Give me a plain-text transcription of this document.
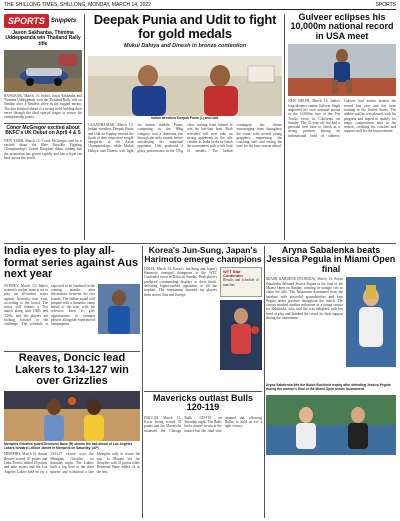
THE SHILLONG TIMES, SHILLONG, MONDAY, MARCH 14, 2022	SPORTS
SPORTS	Snippets
Jason Sakhanba, Thimma Uddeppanda win Thailand Rally title
BANGKOK, March 13: India's Jason Sakhanba and Thimma Uddeppanda won the Thailand Rally title on Sunday after a flawless drive in the rugged terrain. The duo finished ahead of a strong field, holding their nerve through the final special stages to secure the championship points.
Conor McGregor excited about BKFC's UK Debut on April 4 & 5
NEW YORK, March 13: Conor McGregor said he is excited about the Bare Knuckle Fighting Championship's United Kingdom debut, adding that the promotion has grown rapidly and has a loyal fan base across the world.
Deepak Punia and Udit to fight for gold medals
Mukul Dahiya and Dinesh in bronze contention
Indian wrestlers Deepak Punia (L) and Udit.
ULAANBAATAR, March 13: Indian wrestlers Deepak Punia and Udit on Sunday entered the finals of their respective weight categories at the Asian Championships, while Mukul Dahiya and Dinesh will fight for bronze medals. Punia, competing in the 86kg category, had a dominant run through the early rounds before outclassing his semifinal opponent. Udit produced a gritty performance in the 57kg class, coming from behind to win his last-four bout. Both wrestlers will now take on strong opponents in the title clashes as India looks to finish the tournament with a rich haul of medals. The Indian contingent has shown encouraging form throughout the event, with several young grapplers impressing the coaching staff and setting the tone for the busy season ahead.
Gulveer eclipses his 10,000m national record in USA meet
NEW DELHI, March 13: India's long-distance runner Gulveer Singh improved his own national record in the 10,000m race at the Ten Tracks event in California on Sunday. The 23-year-old clocked a personal best time to finish in a strong position among an international field of athletes. Gulveer had earlier broken the record last year and has been training in the United States. The athlete said he was pleased with his progress and hoped to qualify for major competitions later in the season, crediting his coaches and support staff for the improvement.
India eyes to play all-format series against Aus next year
SYDNEY, March 13: India's women's cricket team is set to play an all-format series against Australia next year, according to the board. The series will feature a Test match along with ODIs and T20Is, and the players are looking forward to the challenge. The schedule is expected to be finalised in the coming months after discussions between the two boards. The Indian squad will prepare with a domestic camp ahead of the tour, with the selectors keen to give opportunities to younger players alongside experienced campaigners.
Korea's Jun-Sung, Japan's Harimoto emerge champions
DOHA, March 13: Korea's Jun-Sung and Japan's Harimoto emerged champions at the WTT Contender event in Doha on Sunday. Both players produced commanding displays in their finals, defeating higher-ranked opponents to lift the trophies. The tournament featured top players from across Asia and Europe.
WTT Star Contender
Results and schedule of matches
Aryna Sabalenka beats Jessica Pegula in Miami Open final
MIAMI GARDENS (FLORIDA), March 13: Aryna Sabalenka defeated Jessica Pegula in the final of the Miami Open on Sunday, winning in straight sets to claim the title. The Belarusian dominated from the baseline with powerful groundstrokes and kept Pegula under pressure throughout the match. The victory marked another milestone in a strong season for Sabalenka, who said she was delighted with her level of play and thanked the crowd for their support during the tournament.
Aryna Sabalenka lifts the Butch Buchholz trophy after defeating Jessica Pegula during the women's final of the Miami Open tennis tournament.
Reaves, Doncic lead Lakers to 134-127 win over Grizzlies
Memphis Grizzlies guard Desmond Bane (R) shoots the ball ahead of Los Angeles Lakers forward LeBron James in Memphis on Saturday. (AP)
MEMPHIS, March 13: Austin Reaves scored 35 points and Luka Doncic added 29 points and nine assists and the Los Angeles Lakers held on for a 134-127 victory over the Memphis Grizzlies on Saturday night. The Lakers built a big lead in the third quarter and withstood a late Memphis rally to secure the win. Ja Morant led the Grizzlies with 31 points while Desmond Bane added 24 in the loss.
Mavericks outlast Bulls 120-119
DALLAS, March 13: Kyrie Irving scored 35 points and the Mavericks outlasted the Chicago Bulls 120-119 on Saturday night. The Bulls had a chance to win at the buzzer but the final shot rimmed out, allowing Dallas to hold on for a tight victory.
